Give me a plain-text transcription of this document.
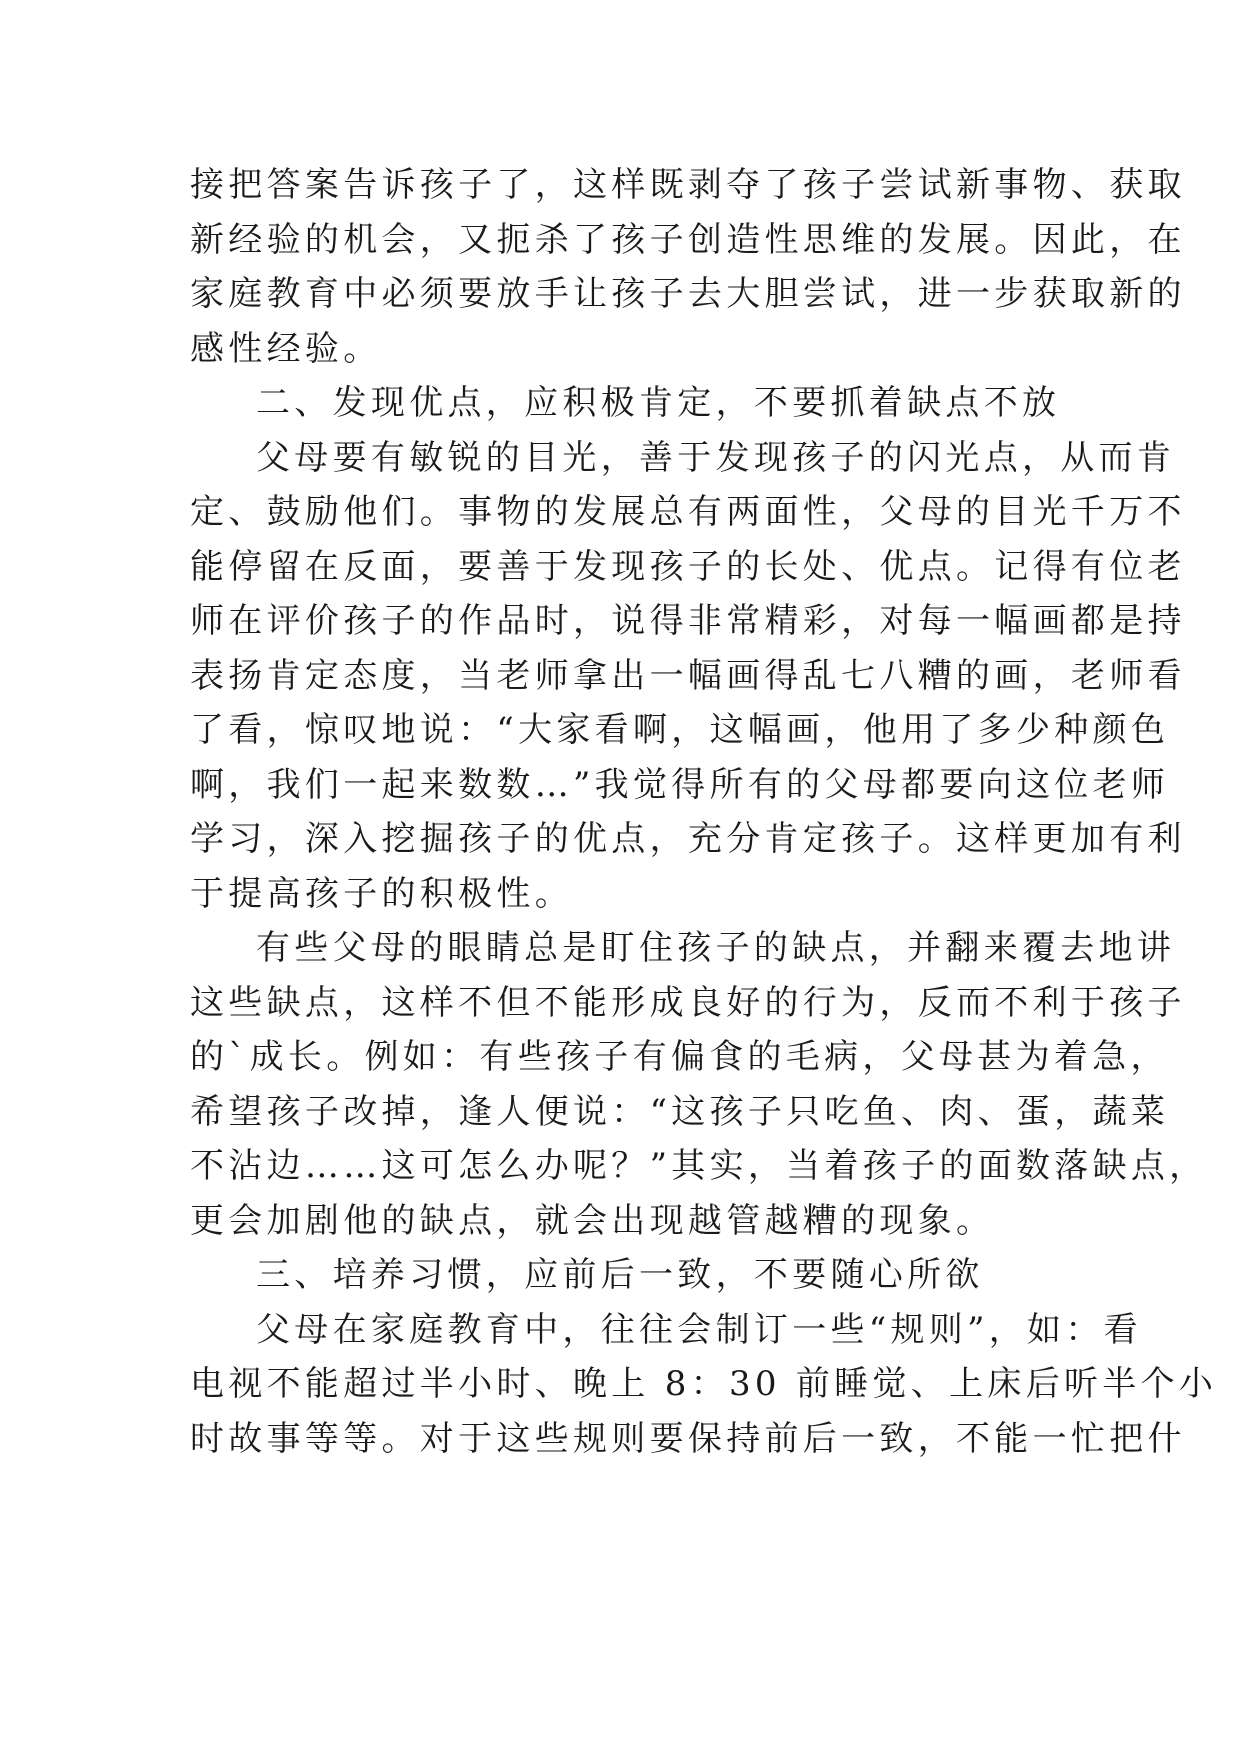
接把答案告诉孩子了，这样既剥夺了孩子尝试新事物、获取
新经验的机会，又扼杀了孩子创造性思维的发展。因此，在
家庭教育中必须要放手让孩子去大胆尝试，进一步获取新的
感性经验。
二、发现优点，应积极肯定，不要抓着缺点不放
父母要有敏锐的目光，善于发现孩子的闪光点，从而肯
定、鼓励他们。事物的发展总有两面性，父母的目光千万不
能停留在反面，要善于发现孩子的长处、优点。记得有位老
师在评价孩子的作品时，说得非常精彩，对每一幅画都是持
表扬肯定态度，当老师拿出一幅画得乱七八糟的画，老师看
了看，惊叹地说：“大家看啊，这幅画，他用了多少种颜色
啊，我们一起来数数…”我觉得所有的父母都要向这位老师
学习，深入挖掘孩子的优点，充分肯定孩子。这样更加有利
于提高孩子的积极性。
有些父母的眼睛总是盯住孩子的缺点，并翻来覆去地讲
这些缺点，这样不但不能形成良好的行为，反而不利于孩子
的`成长。例如：有些孩子有偏食的毛病，父母甚为着急，
希望孩子改掉，逢人便说：“这孩子只吃鱼、肉、蛋，蔬菜
不沾边……这可怎么办呢？”其实，当着孩子的面数落缺点，
更会加剧他的缺点，就会出现越管越糟的现象。
三、培养习惯，应前后一致，不要随心所欲
父母在家庭教育中，往往会制订一些“规则”，如：看
电视不能超过半小时、晚上 8：30 前睡觉、上床后听半个小
时故事等等。对于这些规则要保持前后一致，不能一忙把什
